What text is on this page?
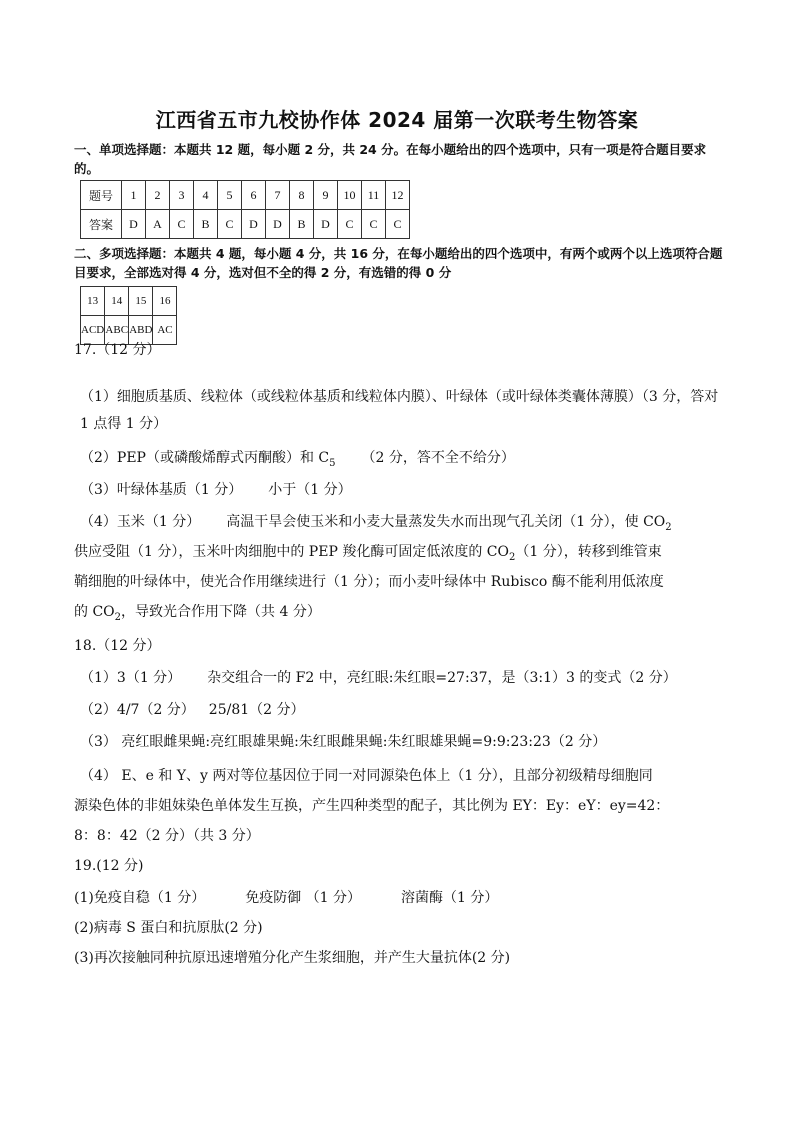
江西省五市九校协作体 2024 届第一次联考生物答案
一、单项选择题：本题共 12 题，每小题 2 分，共 24 分。在每小题给出的四个选项中，只有一项是符合题目要求的。
题号	1	2	3	4	5	6	7	8	9	10	11	12
答案	D	A	C	B	C	D	D	B	D	C	C	C
二、多项选择题：本题共 4 题，每小题 4 分，共 16 分，在每小题给出的四个选项中，有两个或两个以上选项符合题目要求，全部选对得 4 分，选对但不全的得 2 分，有选错的得 0 分
13	14	15	16
ACD	ABC	ABD	AC
17.（12 分）
（1）细胞质基质、线粒体（或线粒体基质和线粒体内膜）、叶绿体（或叶绿体类囊体薄膜）（3 分，答对 1 点得 1 分）
（2）PEP（或磷酸烯醇式丙酮酸）和 $C_5$ （2 分，答不全不给分）
（3）叶绿体基质（1 分） 小于（1 分）
（4）玉米（1 分） 高温干旱会使玉米和小麦大量蒸发失水而出现气孔关闭（1 分），使 $CO_2$
供应受阻（1 分），玉米叶肉细胞中的 PEP 羧化酶可固定低浓度的 $CO_2(1$ 分），转移到维管束
鞘细胞的叶绿体中，使光合作用继续进行（1 分）；而小麦叶绿体中 Rubisco 酶不能利用低浓度
的 $CO_2$，导致光合作用下降（共 4 分）
18.（12 分）
（1）3（1 分） 杂交组合一的 F2 中，亮红眼:朱红眼=27:37，是（3:1）3 的变式（2 分）
（2）4/7（2 分） 25/81（2 分）
（3） 亮红眼雌果蝇:亮红眼雄果蝇:朱红眼雌果蝇:朱红眼雄果蝇=9:9:23:23（2 分）
（4） E、e 和 Y、y 两对等位基因位于同一对同源染色体上（1 分），且部分初级精母细胞同
源染色体的非姐妹染色单体发生互换，产生四种类型的配子，其比例为 EY：Ey：eY：ey=42：
8：8：42（2 分）（共 3 分）
19.(12 分)
(1)免疫自稳（1 分）	免疫防御 （1 分）	溶菌酶（1 分）
(2)病毒 S 蛋白和抗原肽(2 分)
(3)再次接触同种抗原迅速增殖分化产生浆细胞，并产生大量抗体(2 分)
